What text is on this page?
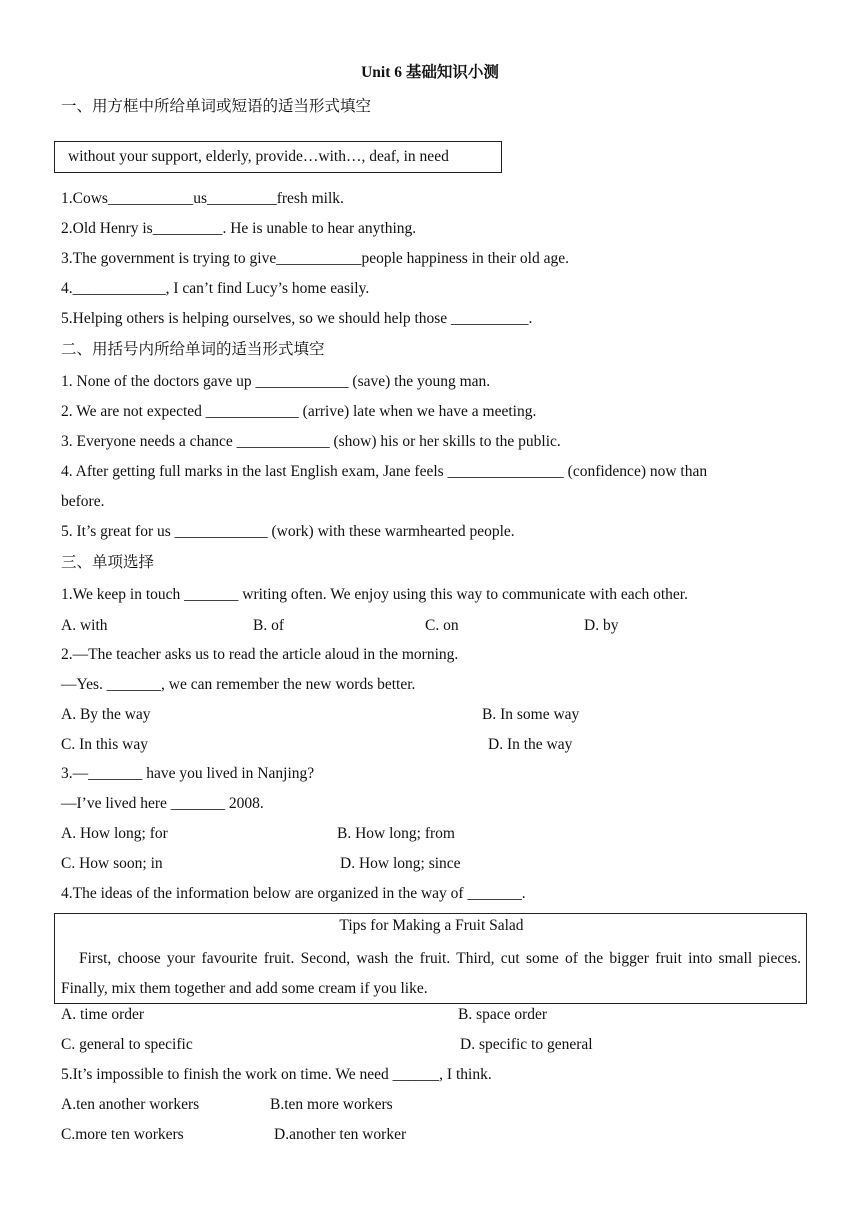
Unit 6 基础知识小测
一、用方框中所给单词或短语的适当形式填空
without your support, elderly, provide…with…, deaf, in need
1.Cows___________us_________fresh milk.
2.Old Henry is_________. He is unable to hear anything.
3.The government is trying to give___________people happiness in their old age.
4.____________, I can’t find Lucy’s home easily.
5.Helping others is helping ourselves, so we should help those __________.
二、用括号内所给单词的适当形式填空
1. None of the doctors gave up ____________ (save) the young man.
2. We are not expected ____________ (arrive) late when we have a meeting.
3. Everyone needs a chance ____________ (show) his or her skills to the public.
4. After getting full marks in the last English exam, Jane feels _______________ (confidence) now than
before.
5. It’s great for us ____________ (work) with these warmhearted people.
三、单项选择
1.We keep in touch _______ writing often. We enjoy using this way to communicate with each other.
A. with	B. of	C. on	D. by
2.—The teacher asks us to read the article aloud in the morning.
—Yes. _______, we can remember the new words better.
A. By the way	B. In some way
C. In this way	D. In the way
3.—_______ have you lived in Nanjing?
—I’ve lived here _______ 2008.
A. How long; for	B. How long; from
C. How soon; in	D. How long; since
4.The ideas of the information below are organized in the way of _______.
Tips for Making a Fruit Salad
First, choose your favourite fruit. Second, wash the fruit. Third, cut some of the bigger fruit into small pieces. Finally, mix them together and add some cream if you like.
A. time order	B. space order
C. general to specific	D. specific to general
5.It’s impossible to finish the work on time. We need ______, I think.
A.ten another workers	B.ten more workers
C.more ten workers	D.another ten worker
